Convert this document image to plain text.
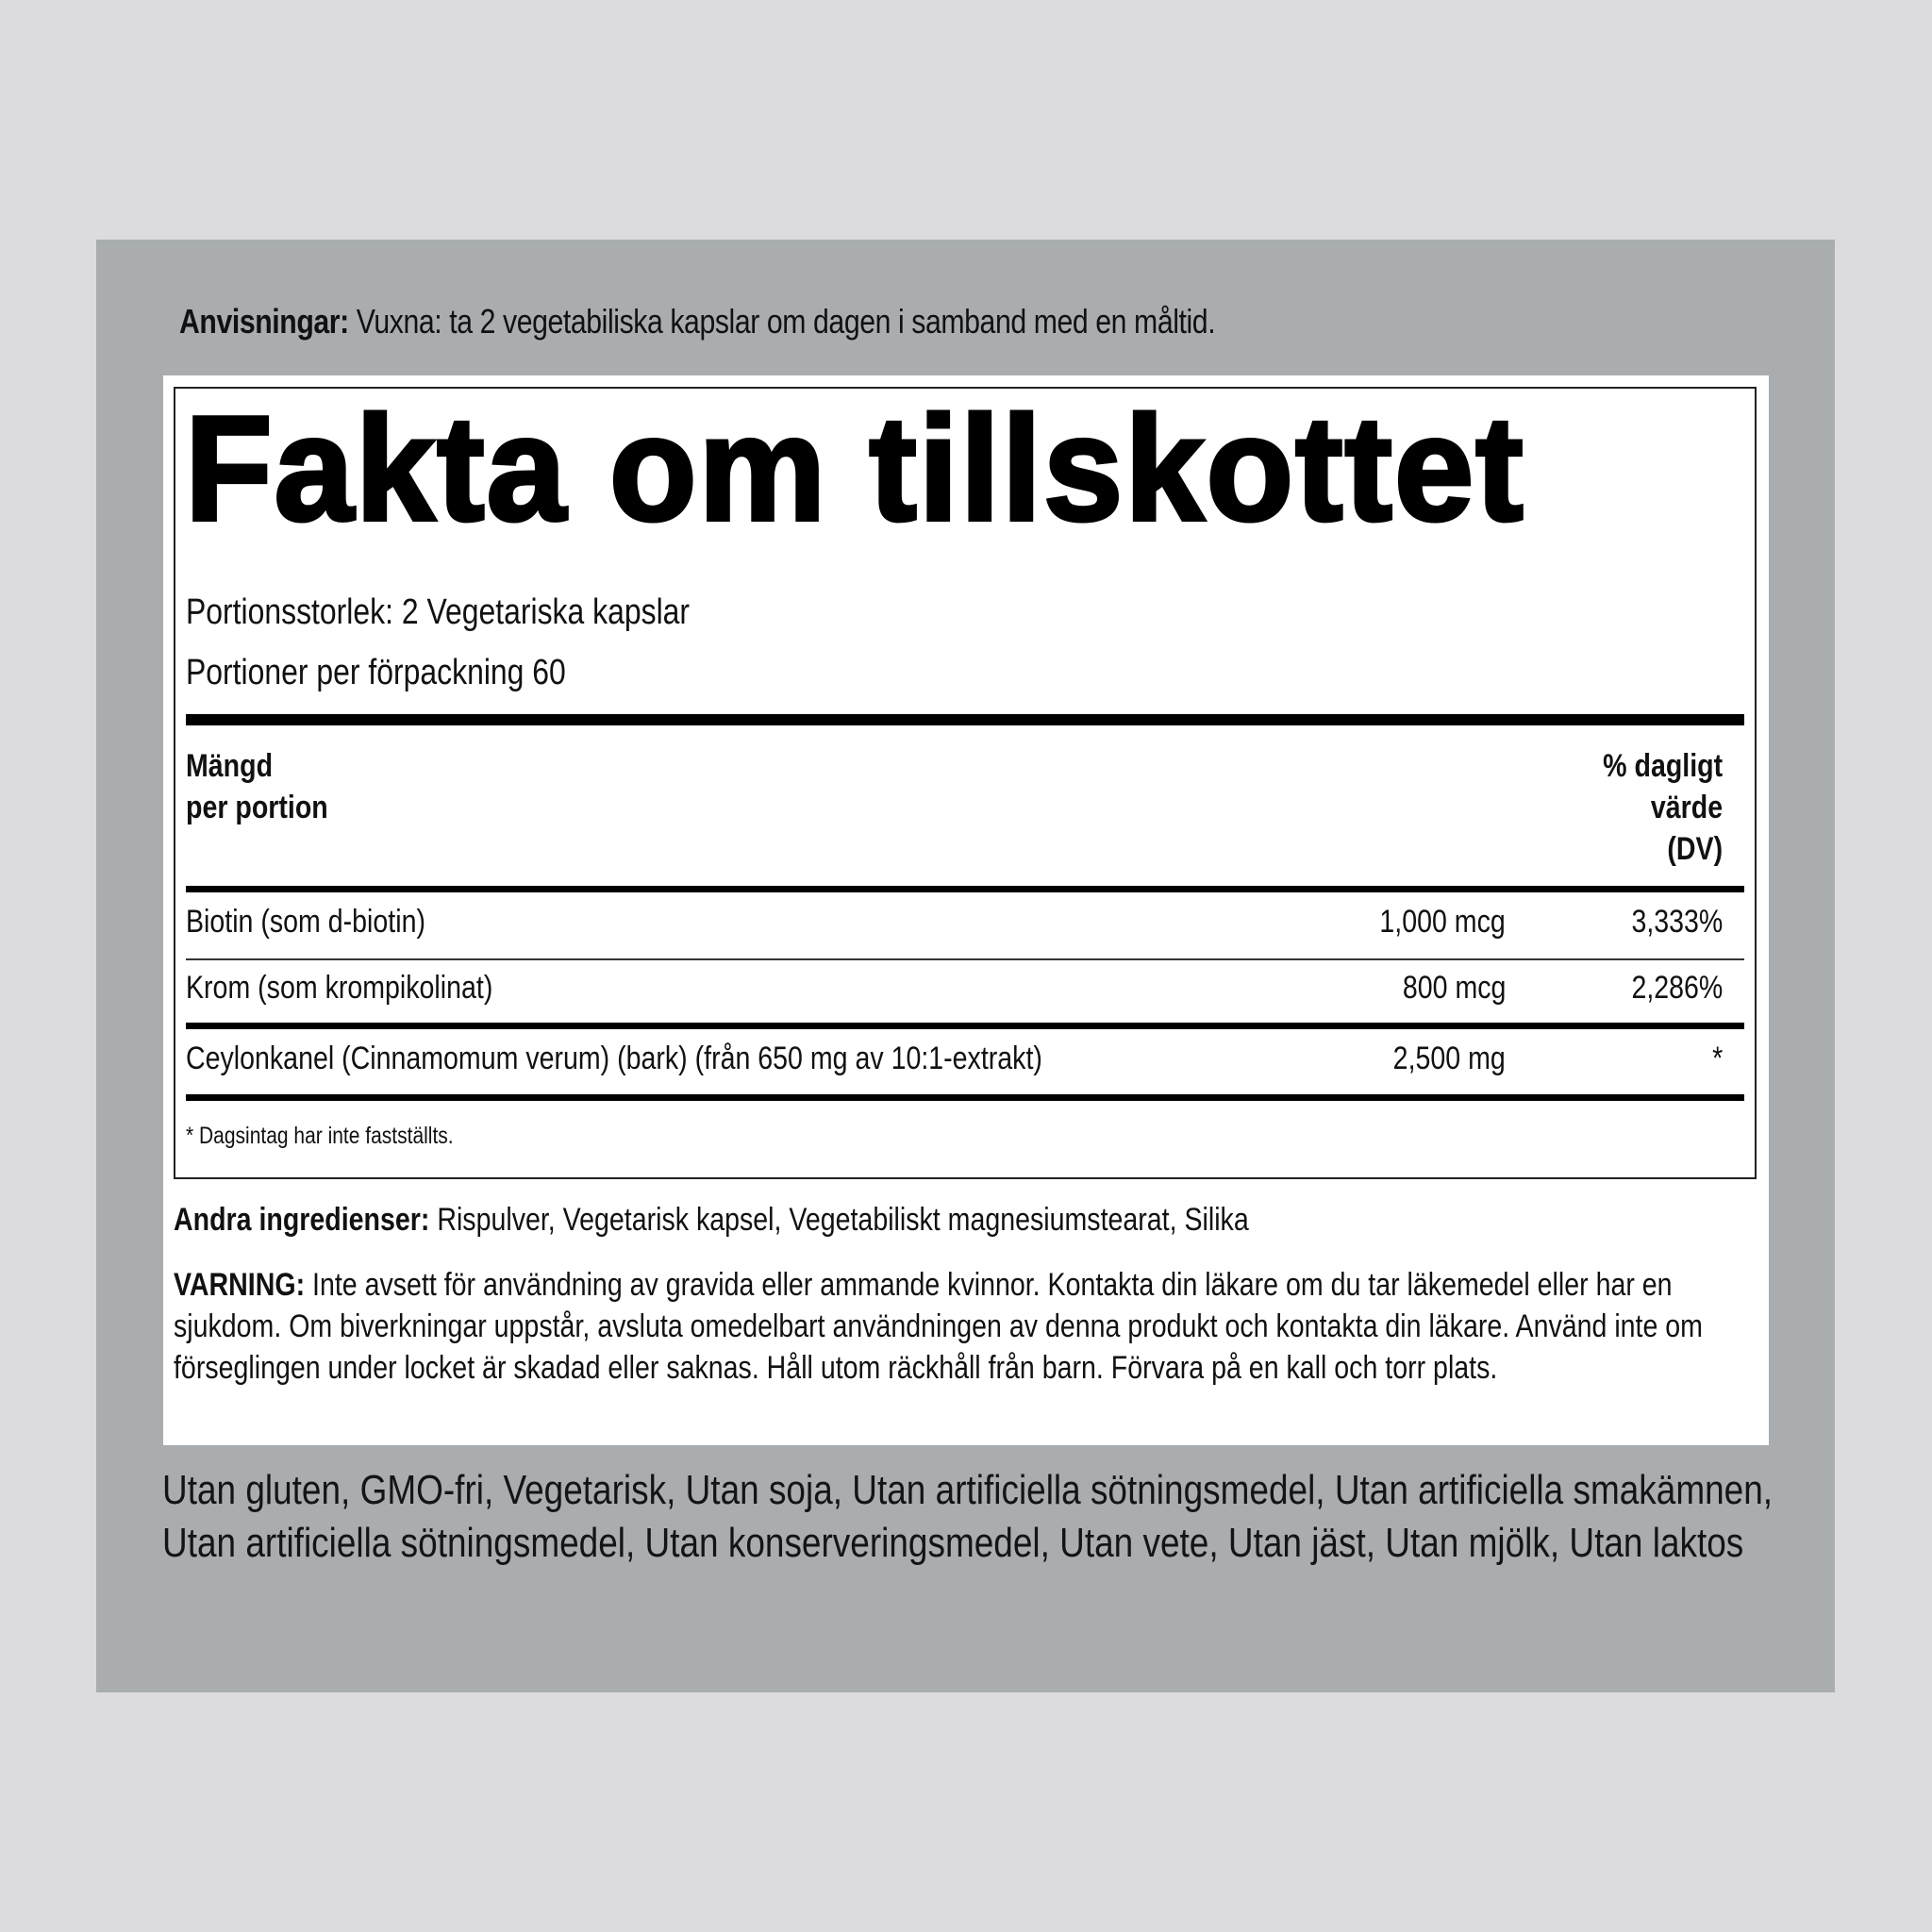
Anvisningar: Vuxna: ta 2 vegetabiliska kapslar om dagen i samband med en måltid.
Fakta om tillskottet
Portionsstorlek: 2 Vegetariska kapslar
Portioner per förpackning 60
Mängd
per portion
% dagligt
värde
(DV)
Biotin (som d-biotin)	1,000 mcg	3,333%
Krom (som krompikolinat)	800 mcg	2,286%
Ceylonkanel (Cinnamomum verum) (bark) (från 650 mg av 10:1-extrakt)	2,500 mg	*
* Dagsintag har inte fastställts.
Andra ingredienser: Rispulver, Vegetarisk kapsel, Vegetabiliskt magnesiumstearat, Silika
VARNING: Inte avsett för användning av gravida eller ammande kvinnor. Kontakta din läkare om du tar läkemedel eller har en sjukdom. Om biverkningar uppstår, avsluta omedelbart användningen av denna produkt och kontakta din läkare. Använd inte om förseglingen under locket är skadad eller saknas. Håll utom räckhåll från barn. Förvara på en kall och torr plats.
Utan gluten, GMO-fri, Vegetarisk, Utan soja, Utan artificiella sötningsmedel, Utan artificiella smakämnen, Utan artificiella sötningsmedel, Utan konserveringsmedel, Utan vete, Utan jäst, Utan mjölk, Utan laktos
